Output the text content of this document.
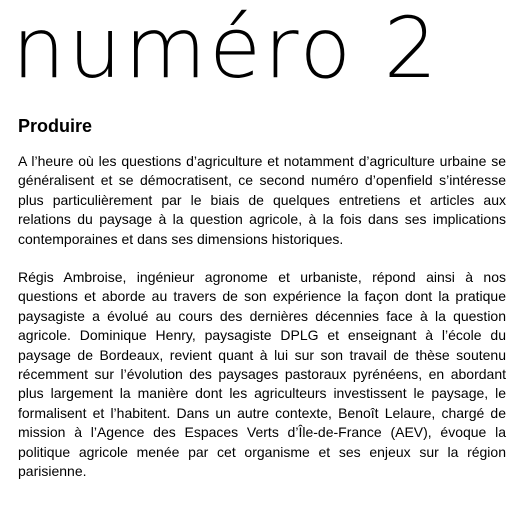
numéro 2
Produire

A l’heure où les questions d’agriculture et notamment d’agriculture urbaine se généralisent et se démocratisent, ce second numéro d’openfield s’intéresse plus particulièrement par le biais de quelques entretiens et articles aux relations du paysage à la question agricole, à la fois dans ses implications contemporaines et dans ses dimensions historiques.

Régis Ambroise, ingénieur agronome et urbaniste, répond ainsi à nos questions et aborde au travers de son expérience la façon dont la pratique paysagiste a évolué au cours des dernières décennies face à la question agricole. Dominique Henry, paysagiste DPLG et enseignant à l’école du paysage de Bordeaux, revient quant à lui sur son travail de thèse soutenu récemment sur l’évolution des paysages pastoraux pyrénéens, en abordant plus largement la manière dont les agriculteurs investissent le paysage, le formalisent et l’habitent. Dans un autre contexte, Benoît Lelaure, chargé de mission à l’Agence des Espaces Verts d’Île-de-France (AEV), évoque la politique agricole menée par cet organisme et ses enjeux sur la région parisienne.
